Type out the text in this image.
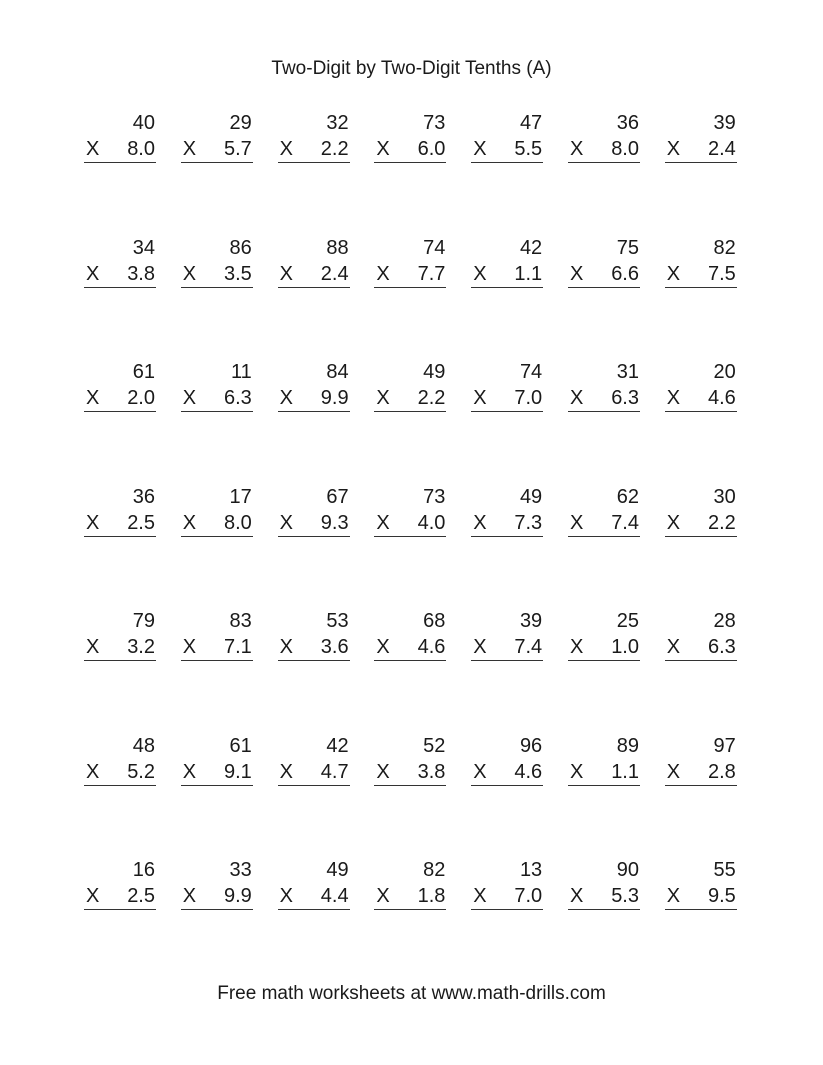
Two-Digit by Two-Digit Tenths (A)
40
X 8.0
29
X 5.7
32
X 2.2
73
X 6.0
47
X 5.5
36
X 8.0
39
X 2.4
34
X 3.8
86
X 3.5
88
X 2.4
74
X 7.7
42
X 1.1
75
X 6.6
82
X 7.5
61
X 2.0
11
X 6.3
84
X 9.9
49
X 2.2
74
X 7.0
31
X 6.3
20
X 4.6
36
X 2.5
17
X 8.0
67
X 9.3
73
X 4.0
49
X 7.3
62
X 7.4
30
X 2.2
79
X 3.2
83
X 7.1
53
X 3.6
68
X 4.6
39
X 7.4
25
X 1.0
28
X 6.3
48
X 5.2
61
X 9.1
42
X 4.7
52
X 3.8
96
X 4.6
89
X 1.1
97
X 2.8
16
X 2.5
33
X 9.9
49
X 4.4
82
X 1.8
13
X 7.0
90
X 5.3
55
X 9.5
Free math worksheets at www.math-drills.com
